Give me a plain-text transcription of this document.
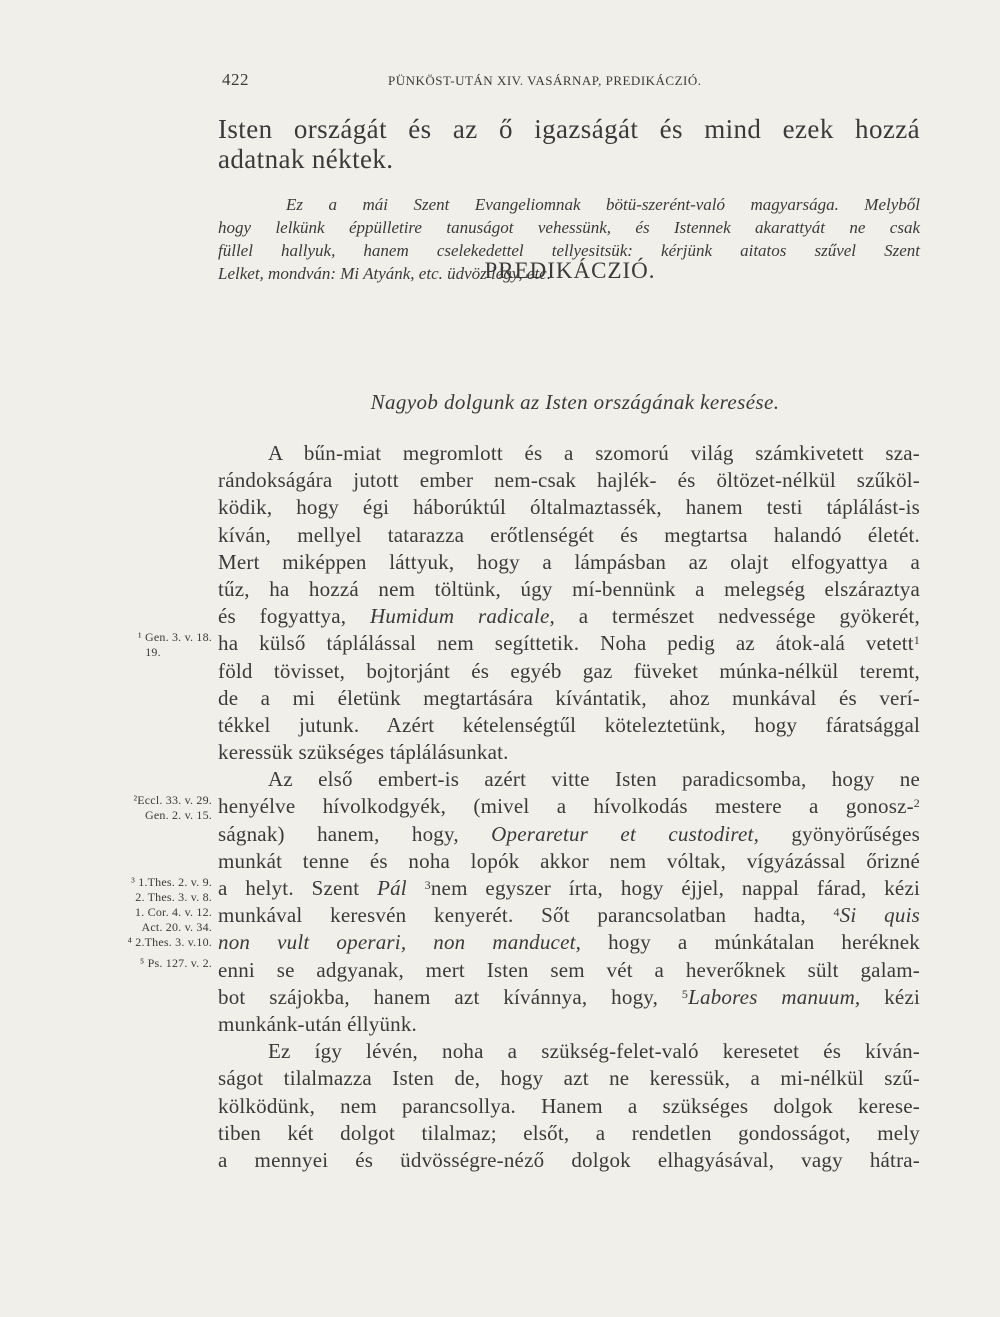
422	PÜNKÖST-UTÁN XIV. VASÁRNAP, PREDIKÁCZIÓ.
Isten országát és az ő igazságát és mind ezek hozzá
adatnak néktek.
Ez a mái Szent Evangeliomnak bötü-szerént-való magyarsága. Melyből
hogy lelkünk éppülletire tanuságot vehessünk, és Istennek akarattyát ne csak
füllel hallyuk, hanem cselekedettel tellyesitsük: kérjünk aitatos szűvel Szent
Lelket, mondván: Mi Atyánk, etc. üdvöz légy, etc.
PREDIKÁCZIÓ.
Nagyob dolgunk az Isten országának keresése.
A bűn-miat megromlott és a szomorú világ számkivetett sza-
rándokságára jutott ember nem-csak hajlék- és öltözet-nélkül szűköl-
ködik, hogy égi háborúktúl óltalmaztassék, hanem testi táplálást-is
kíván, mellyel tatarazza erőtlenségét és megtartsa halandó életét.
Mert miképpen láttyuk, hogy a lámpásban az olajt elfogyattya a
tűz, ha hozzá nem töltünk, úgy mí-bennünk a melegség elszáraztya
és fogyattya, Humidum radicale, a természet nedvessége gyökerét,
ha külső táplálással nem segíttetik. Noha pedig az átok-alá vetett$^1$
föld tövisset, bojtorjánt és egyéb gaz füveket múnka-nélkül teremt,
de a mi életünk megtartására kívántatik, ahoz munkával és verí-
tékkel jutunk. Azért kételenségtűl köteleztetünk, hogy fáratsággal
keressük szükséges táplálásunkat.
Az első embert-is azért vitte Isten paradicsomba, hogy ne
henyélve hívolkodgyék, (mivel a hívolkodás mestere a gonosz-$^2$
ságnak) hanem, hogy, Operaretur et custodiret, gyönyörűséges
munkát tenne és noha lopók akkor nem vóltak, vígyázással őrizné
a helyt. Szent Pál $^3$nem egyszer írta, hogy éjjel, nappal fárad, kézi
munkával keresvén kenyerét. Sőt parancsolatban hadta, $^4$Si quis
non vult operari, non manducet, hogy a múnkátalan heréknek
enni se adgyanak, mert Isten sem vét a heverőknek sült galam-
bot szájokba, hanem azt kívánnya, hogy, $^5$Labores manuum, kézi
munkánk-után éllyünk.
Ez így lévén, noha a szükség-felet-való keresetet és kíván-
ságot tilalmazza Isten de, hogy azt ne keressük, a mi-nélkül szű-
kölködünk, nem parancsollya. Hanem a szükséges dolgok kerese-
tiben két dolgot tilalmaz; elsőt, a rendetlen gondosságot, mely
a mennyei és üdvösségre-néző dolgok elhagyásával, vagy hátra-
¹ Gen. 3. v. 18.
19.
²Eccl. 33. v. 29.
Gen. 2. v. 15.
³ 1.Thes. 2. v. 9.
2. Thes. 3. v. 8.
1. Cor. 4. v. 12.
Act. 20. v. 34.
⁴ 2.Thes. 3. v.10.
⁵ Ps. 127. v. 2.
